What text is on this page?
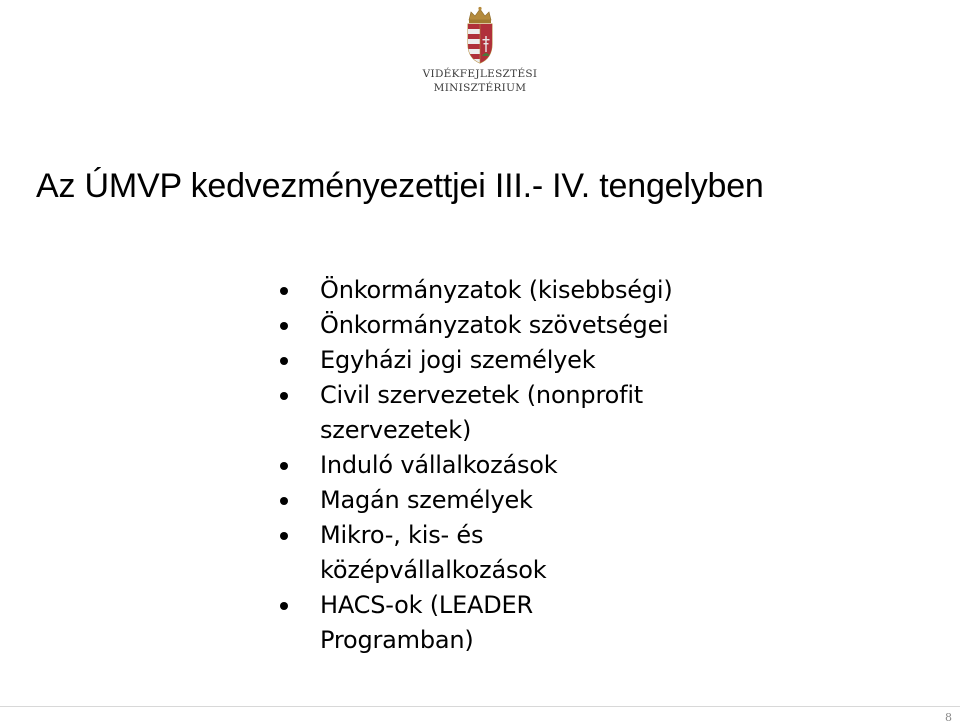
VIDÉKFEJLESZTÉSI
MINISZTÉRIUM
Az ÚMVP kedvezményezettjei III.- IV. tengelyben
Önkormányzatok (kisebbségi)
Önkormányzatok szövetségei
Egyházi jogi személyek
Civil szervezetek (nonprofit
szervezetek)
Induló vállalkozások
Magán személyek
Mikro-, kis- és
középvállalkozások
HACS-ok (LEADER
Programban)
8
